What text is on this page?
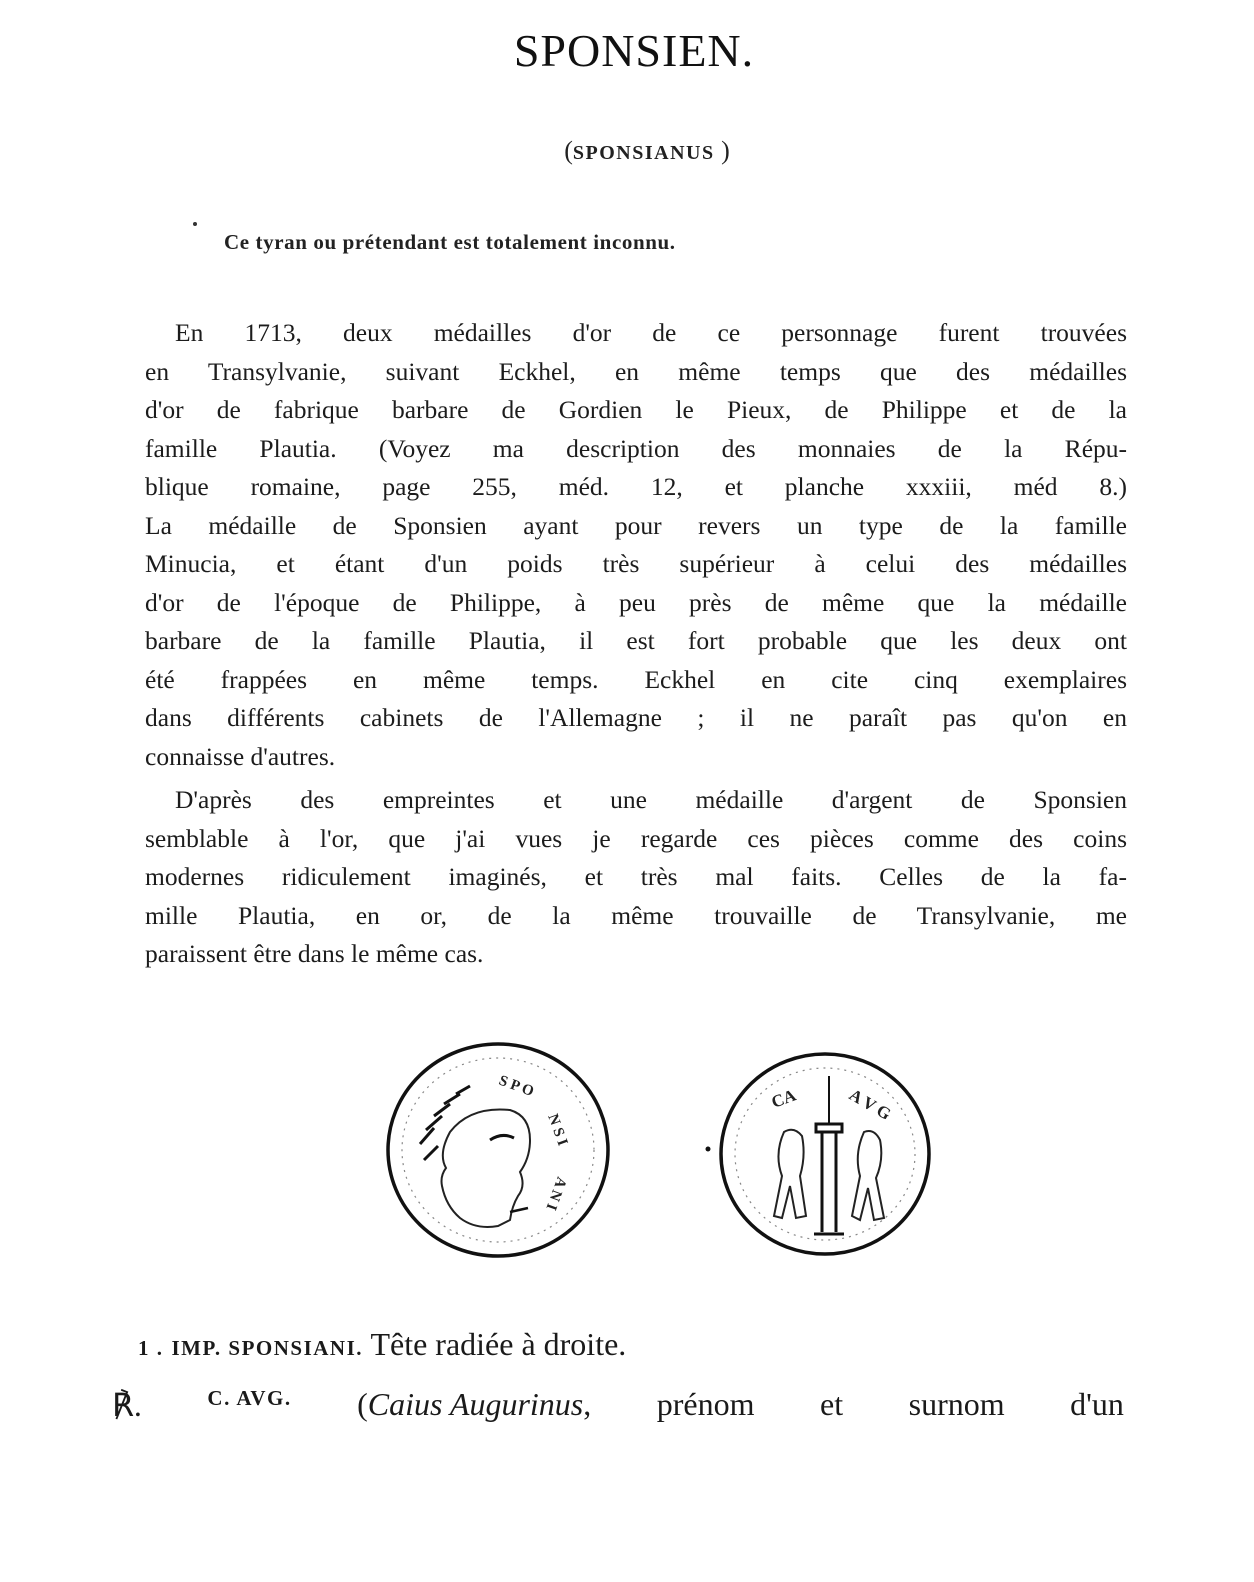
SPONSIEN.
(SPONSIANUS )
Ce tyran ou prétendant est totalement inconnu.
En 1713, deux médailles d'or de ce personnage furent trouvées
en Transylvanie, suivant Eckhel, en même temps que des médailles
d'or de fabrique barbare de Gordien le Pieux, de Philippe et de la
famille Plautia. (Voyez ma description des monnaies de la Répu-
blique romaine, page 255, méd. 12, et planche xxxiii, méd 8.)
La médaille de Sponsien ayant pour revers un type de la famille
Minucia, et étant d'un poids très supérieur à celui des médailles
d'or de l'époque de Philippe, à peu près de même que la médaille
barbare de la famille Plautia, il est fort probable que les deux ont
été frappées en même temps. Eckhel en cite cinq exemplaires
dans différents cabinets de l'Allemagne ; il ne paraît pas qu'on en
connaisse d'autres.
D'après des empreintes et une médaille d'argent de Sponsien
semblable à l'or, que j'ai vues je regarde ces pièces comme des coins
modernes ridiculement imaginés, et très mal faits. Celles de la fa-
mille Plautia, en or, de la même trouvaille de Transylvanie, me
paraissent être dans le même cas.
S P O
N S I
A N I
CA	A V G
1 . IMP. SPONSIANI. Tête radiée à droite.
℟.	C. AVG. (Caius Augurinus, prénom et surnom d'un
